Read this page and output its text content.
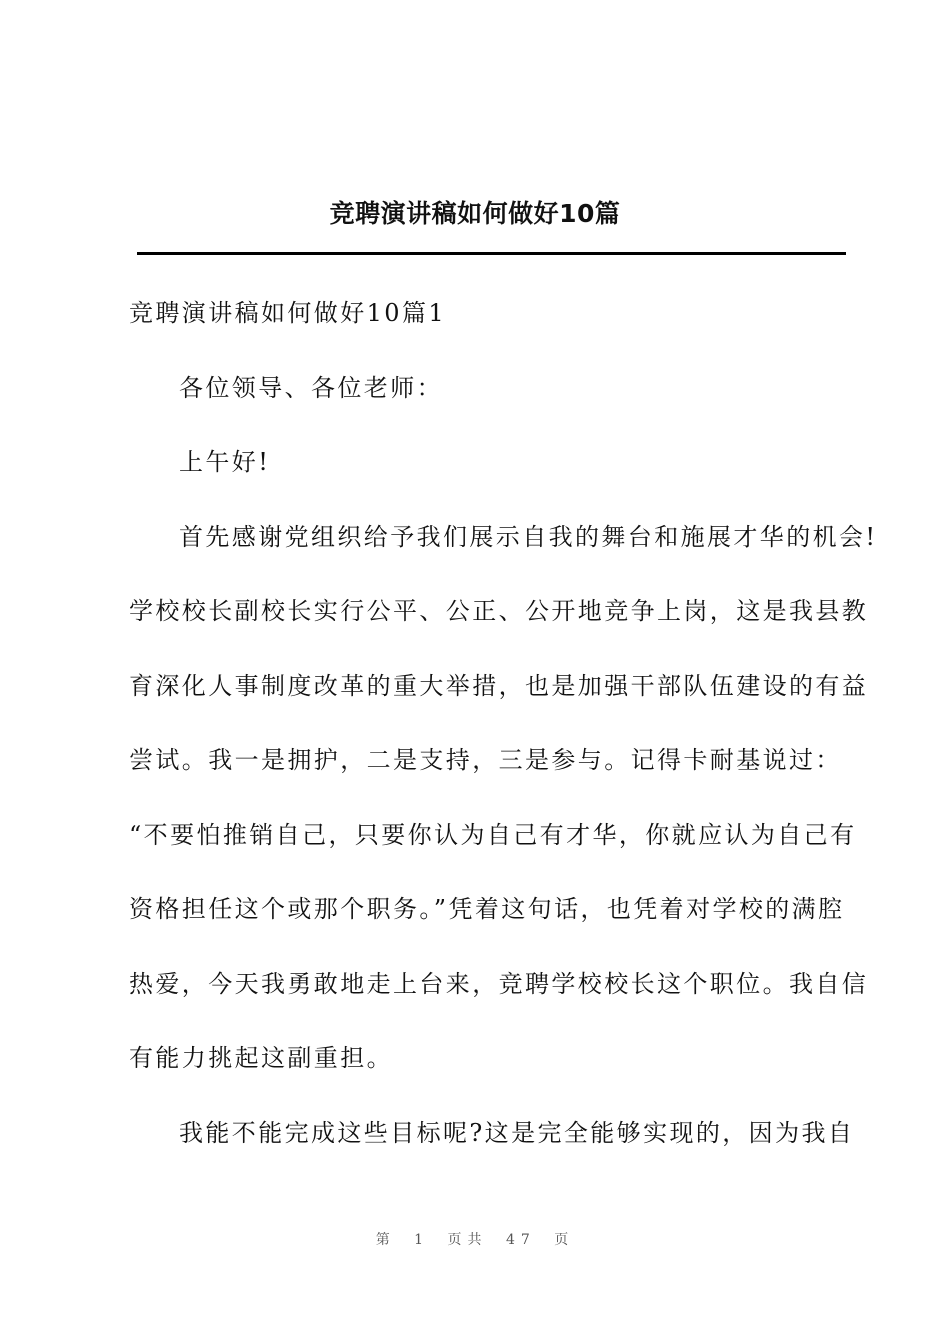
竞聘演讲稿如何做好10篇

竞聘演讲稿如何做好10篇1

各位领导、各位老师：

上午好!

首先感谢党组织给予我们展示自我的舞台和施展才华的机会!

学校校长副校长实行公平、公正、公开地竞争上岗，这是我县教

育深化人事制度改革的重大举措，也是加强干部队伍建设的有益

尝试。我一是拥护，二是支持，三是参与。记得卡耐基说过：

“不要怕推销自己，只要你认为自己有才华，你就应认为自己有

资格担任这个或那个职务。”凭着这句话，也凭着对学校的满腔

热爱，今天我勇敢地走上台来，竞聘学校校长这个职位。我自信

有能力挑起这副重担。

我能不能完成这些目标呢?这是完全能够实现的，因为我自

第 1 页共 47 页
